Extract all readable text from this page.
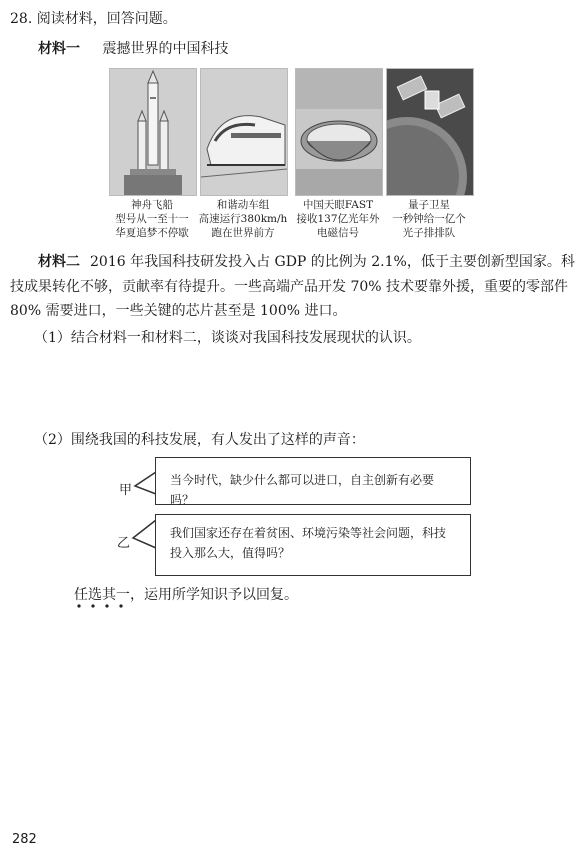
28. 阅读材料，回答问题。
材料一 震撼世界的中国科技
神舟飞船
型号从一至十一
华夏追梦不停歇
和谐动车组
高速运行380km/h
跑在世界前方
中国天眼FAST
接收137亿光年外
电磁信号
量子卫星
一秒钟给一亿个
光子排排队
材料二 2016 年我国科技研发投入占 GDP 的比例为 2.1%，低于主要创新型国家。科
技成果转化不够，贡献率有待提升。一些高端产品开发 70% 技术要靠外援，重要的零部件
80% 需要进口，一些关键的芯片甚至是 100% 进口。
（1）结合材料一和材料二，谈谈对我国科技发展现状的认识。
（2）围绕我国的科技发展，有人发出了这样的声音：
甲
当今时代，缺少什么都可以进口，自主创新有必要吗？
乙
我们国家还存在着贫困、环境污染等社会问题，科技
投入那么大，值得吗？
任选其一，运用所学知识予以回复。
282
